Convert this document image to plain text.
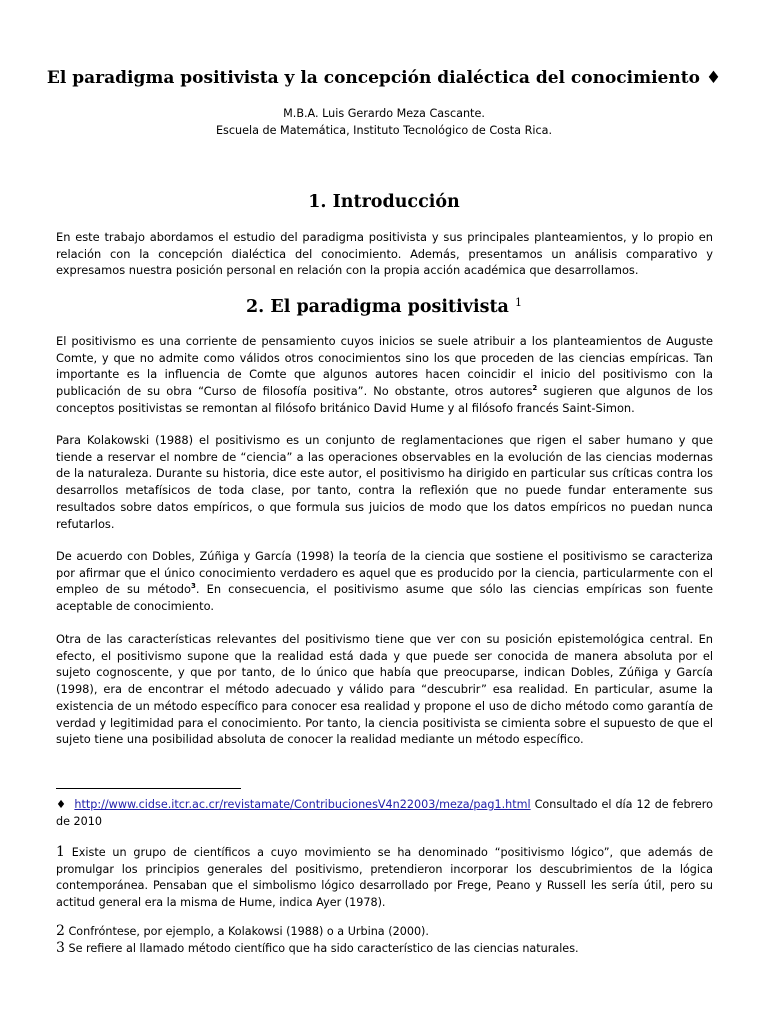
El paradigma positivista y la concepción dialéctica del conocimiento ♦
M.B.A. Luis Gerardo Meza Cascante.
Escuela de Matemática, Instituto Tecnológico de Costa Rica.
1. Introducción
En este trabajo abordamos el estudio del paradigma positivista y sus principales planteamientos, y lo propio en relación con la concepción dialéctica del conocimiento. Además, presentamos un análisis comparativo y expresamos nuestra posición personal en relación con la propia acción académica que desarrollamos.
2. El paradigma positivista $^1$
El positivismo es una corriente de pensamiento cuyos inicios se suele atribuir a los planteamientos de Auguste Comte, y que no admite como válidos otros conocimientos sino los que proceden de las ciencias empíricas. Tan importante es la influencia de Comte que algunos autores hacen coincidir el inicio del positivismo con la publicación de su obra “Curso de filosofía positiva”. No obstante, otros autores$^2$ sugieren que algunos de los conceptos positivistas se remontan al filósofo británico David Hume y al filósofo francés Saint-Simon.
Para Kolakowski (1988) el positivismo es un conjunto de reglamentaciones que rigen el saber humano y que tiende a reservar el nombre de “ciencia” a las operaciones observables en la evolución de las ciencias modernas de la naturaleza. Durante su historia, dice este autor, el positivismo ha dirigido en particular sus críticas contra los desarrollos metafísicos de toda clase, por tanto, contra la reflexión que no puede fundar enteramente sus resultados sobre datos empíricos, o que formula sus juicios de modo que los datos empíricos no puedan nunca refutarlos.
De acuerdo con Dobles, Zúñiga y García (1998) la teoría de la ciencia que sostiene el positivismo se caracteriza por afirmar que el único conocimiento verdadero es aquel que es producido por la ciencia, particularmente con el empleo de su método$^3$. En consecuencia, el positivismo asume que sólo las ciencias empíricas son fuente aceptable de conocimiento.
Otra de las características relevantes del positivismo tiene que ver con su posición epistemológica central. En efecto, el positivismo supone que la realidad está dada y que puede ser conocida de manera absoluta por el sujeto cognoscente, y que por tanto, de lo único que había que preocuparse, indican Dobles, Zúñiga y García (1998), era de encontrar el método adecuado y válido para “descubrir” esa realidad. En particular, asume la existencia de un método específico para conocer esa realidad y propone el uso de dicho método como garantía de verdad y legitimidad para el conocimiento. Por tanto, la ciencia positivista se cimienta sobre el supuesto de que el sujeto tiene una posibilidad absoluta de conocer la realidad mediante un método específico.
♦ http://www.cidse.itcr.ac.cr/revistamate/ContribucionesV4n22003/meza/pag1.html Consultado el día 12 de febrero de 2010
1 Existe un grupo de científicos a cuyo movimiento se ha denominado “positivismo lógico”, que además de promulgar los principios generales del positivismo, pretendieron incorporar los descubrimientos de la lógica contemporánea. Pensaban que el simbolismo lógico desarrollado por Frege, Peano y Russell les sería útil, pero su actitud general era la misma de Hume, indica Ayer (1978).
2 Confróntese, por ejemplo, a Kolakowsi (1988) o a Urbina (2000).
3 Se refiere al llamado método científico que ha sido característico de las ciencias naturales.
